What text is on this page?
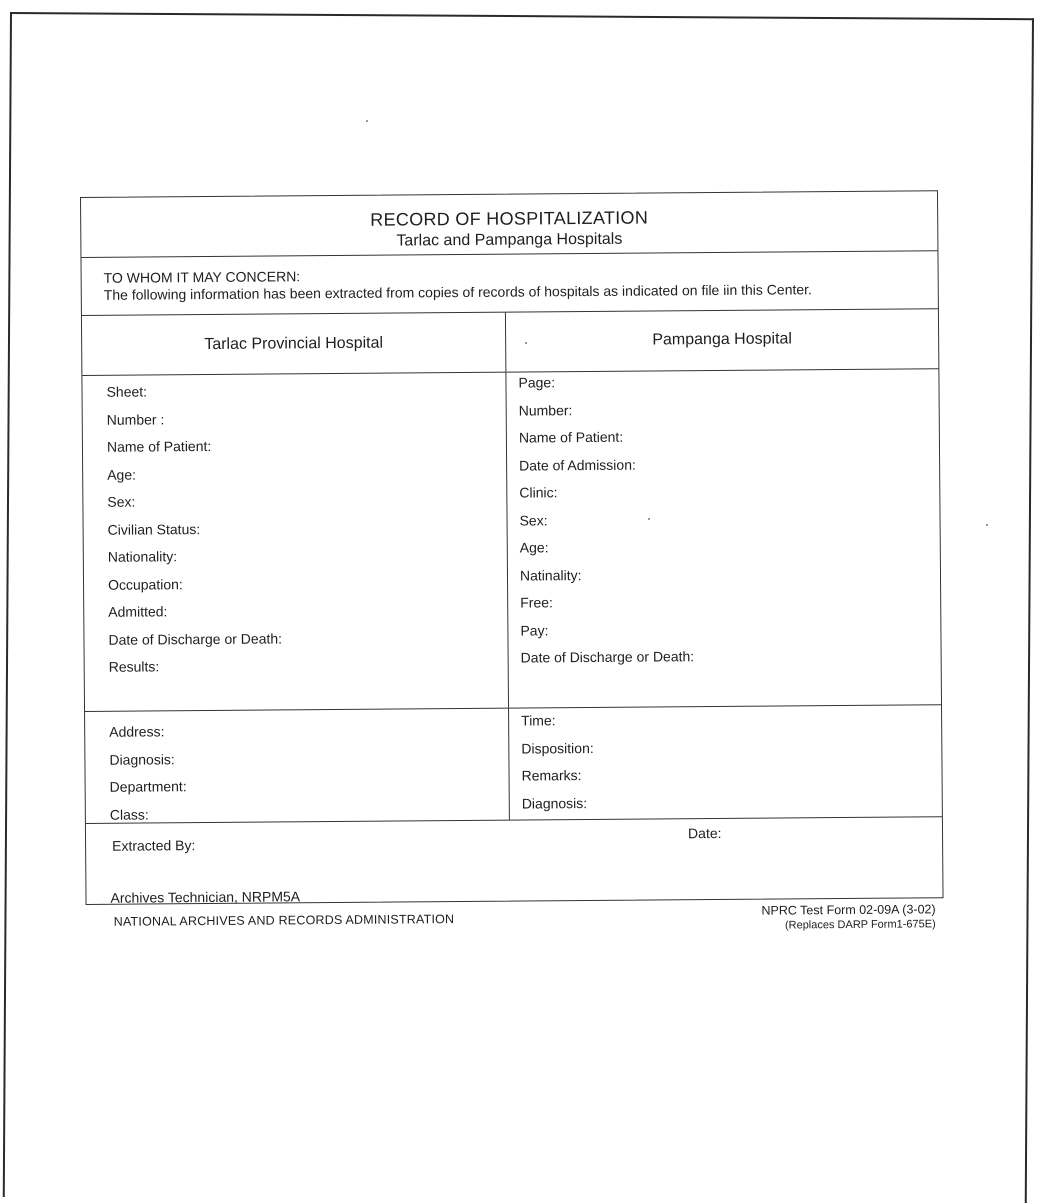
RECORD OF HOSPITALIZATION
Tarlac and Pampanga Hospitals
TO WHOM IT MAY CONCERN:
The following information has been extracted from copies of records of hospitals as indicated on file iin this Center.
Tarlac Provincial Hospital	Pampanga Hospital
Sheet:
Number :
Name of Patient:
Age:
Sex:
Civilian Status:
Nationality:
Occupation:
Admitted:
Date of Discharge or Death:
Results:
Page:
Number:
Name of Patient:
Date of Admission:
Clinic:
Sex:
Age:
Natinality:
Free:
Pay:
Date of Discharge or Death:
Address:
Diagnosis:
Department:
Class:
Time:
Disposition:
Remarks:
Diagnosis:
Extracted By:
Date:
Archives Technician, NRPM5A
NATIONAL ARCHIVES AND RECORDS ADMINISTRATION
NPRC Test Form 02-09A (3-02)
(Replaces DARP Form1-675E)
